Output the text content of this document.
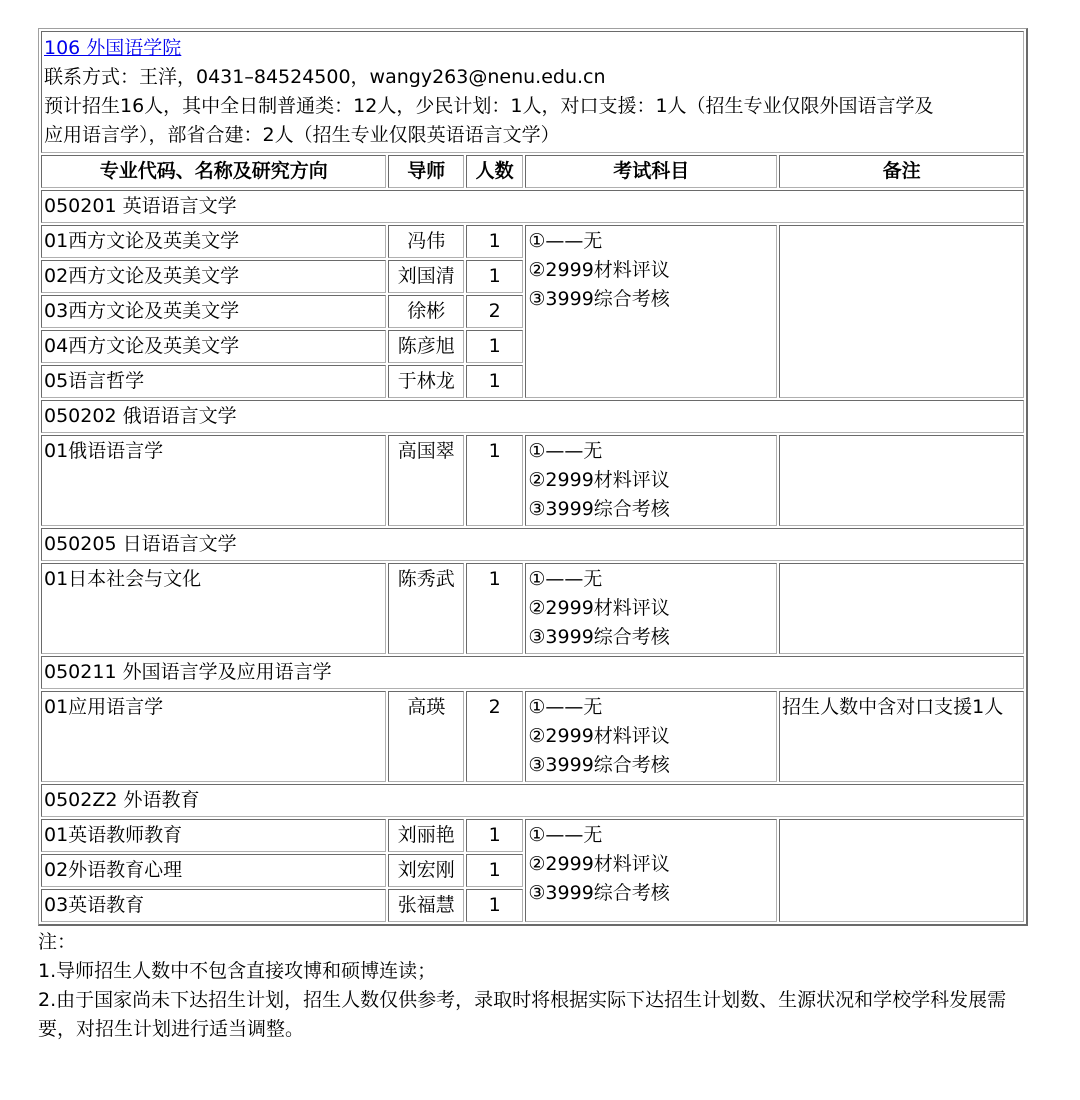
106 外国语学院
联系方式：王洋，0431–84524500，wangy263@nenu.edu.cn
预计招生16人，其中全日制普通类：12人，少民计划：1人，对口支援：1人（招生专业仅限外国语言学及
应用语言学），部省合建：2人（招生专业仅限英语语言文学）				
专业代码、名称及研究方向	导师	人数	考试科目	备注
050201 英语语言文学				
01西方文论及英美文学	冯伟	1	①——无
②2999材料评议
③3999综合考核	

02西方文论及英美文学	刘国清	1		
03西方文论及英美文学	徐彬	2		
04西方文论及英美文学	陈彦旭	1		
05语言哲学	于林龙	1		
050202 俄语语言文学				
01俄语语言学	高国翠	1	①——无
②2999材料评议
③3999综合考核	

050205 日语语言文学				
01日本社会与文化	陈秀武	1	①——无
②2999材料评议
③3999综合考核	

050211 外国语言学及应用语言学				
01应用语言学	高瑛	2	①——无
②2999材料评议
③3999综合考核	招生人数中含对口支援1人
0502Z2 外语教育				
01英语教师教育	刘丽艳	1	①——无
②2999材料评议
③3999综合考核	

02外语教育心理	刘宏刚	1		
03英语教育	张福慧	1		
注：
1.导师招生人数中不包含直接攻博和硕博连读；
2.由于国家尚未下达招生计划，招生人数仅供参考，录取时将根据实际下达招生计划数、生源状况和学校学科发展需要，对招生计划进行适当调整。
